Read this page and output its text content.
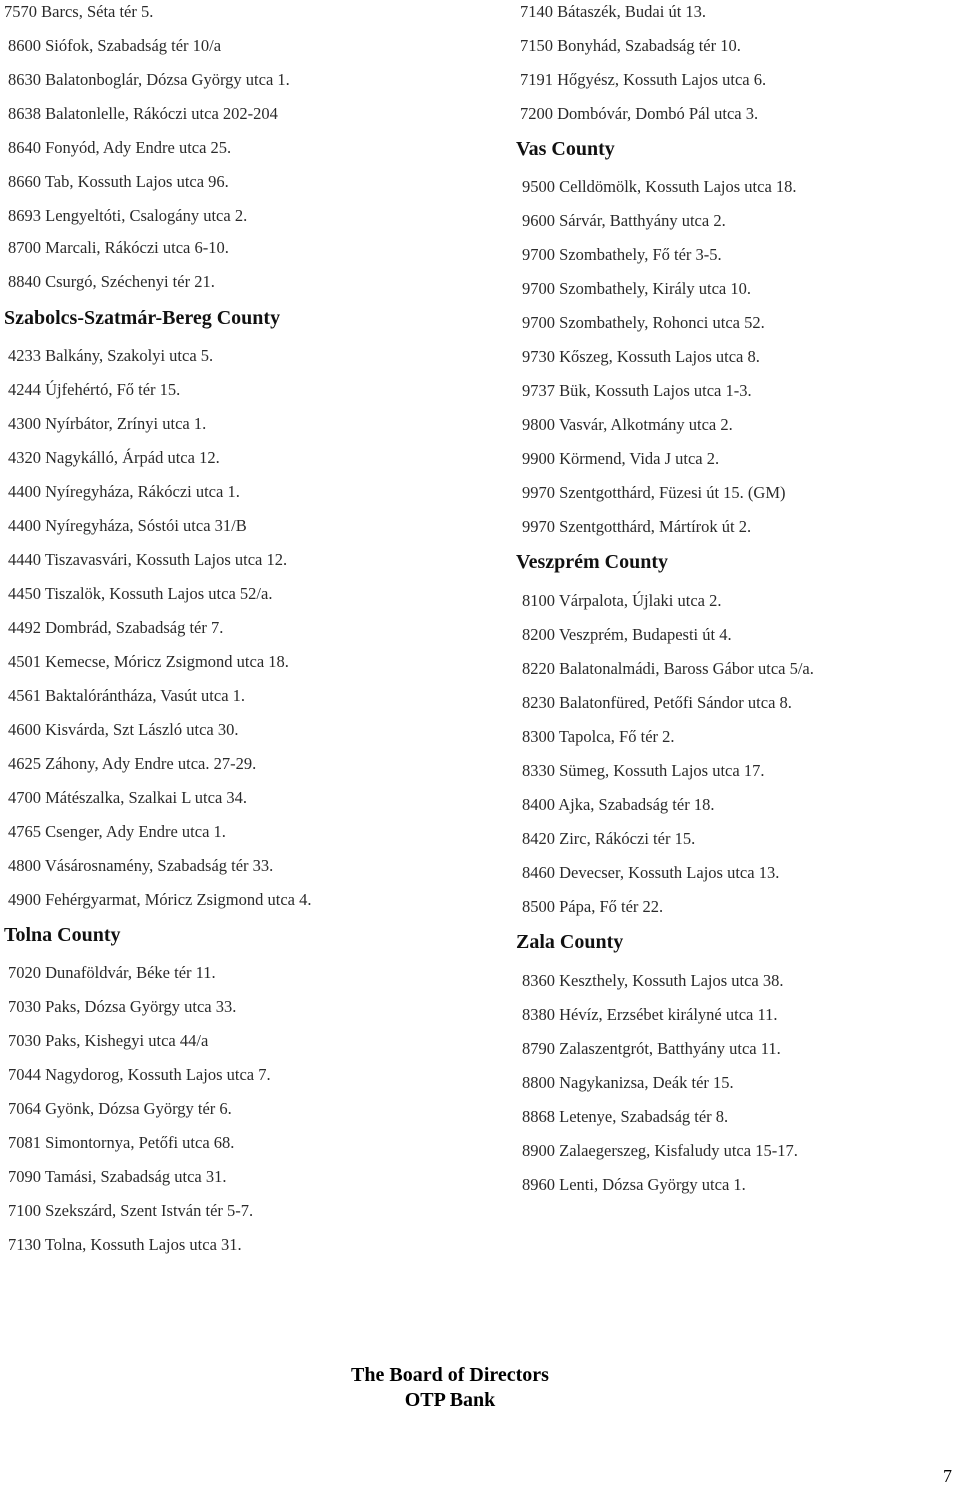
7570 Barcs, Séta tér 5.
8600 Siófok, Szabadság tér 10/a
8630 Balatonboglár, Dózsa György utca 1.
8638 Balatonlelle, Rákóczi utca 202-204
8640 Fonyód, Ady Endre utca 25.
8660 Tab, Kossuth Lajos utca 96.
8693 Lengyeltóti, Csalogány utca 2.
8700 Marcali, Rákóczi utca 6-10.
8840 Csurgó, Széchenyi tér 21.
Szabolcs-Szatmár-Bereg County
4233 Balkány, Szakolyi utca 5.
4244 Újfehértó, Fő tér 15.
4300 Nyírbátor, Zrínyi utca 1.
4320 Nagykálló, Árpád utca 12.
4400 Nyíregyháza, Rákóczi utca 1.
4400 Nyíregyháza, Sóstói utca 31/B
4440 Tiszavasvári, Kossuth Lajos utca 12.
4450 Tiszalök, Kossuth Lajos utca 52/a.
4492 Dombrád, Szabadság tér 7.
4501 Kemecse, Móricz Zsigmond utca 18.
4561 Baktalórántháza, Vasút utca 1.
4600 Kisvárda, Szt László utca 30.
4625 Záhony, Ady Endre utca. 27-29.
4700 Mátészalka, Szalkai L utca 34.
4765 Csenger, Ady Endre utca 1.
4800 Vásárosnamény, Szabadság tér 33.
4900 Fehérgyarmat, Móricz Zsigmond utca 4.
Tolna County
7020 Dunaföldvár, Béke tér 11.
7030 Paks, Dózsa György utca 33.
7030 Paks, Kishegyi utca 44/a
7044 Nagydorog, Kossuth Lajos utca 7.
7064 Gyönk, Dózsa György tér 6.
7081 Simontornya, Petőfi utca 68.
7090 Tamási, Szabadság utca 31.
7100 Szekszárd, Szent István tér 5-7.
7130 Tolna, Kossuth Lajos utca 31.
7140 Bátaszék, Budai út 13.
7150 Bonyhád, Szabadság tér 10.
7191 Hőgyész, Kossuth Lajos utca 6.
7200 Dombóvár, Dombó Pál utca 3.
Vas County
9500 Celldömölk, Kossuth Lajos utca 18.
9600 Sárvár, Batthyány utca 2.
9700 Szombathely, Fő tér 3-5.
9700 Szombathely, Király utca 10.
9700 Szombathely, Rohonci utca 52.
9730 Kőszeg, Kossuth Lajos utca 8.
9737 Bük, Kossuth Lajos utca 1-3.
9800 Vasvár, Alkotmány utca 2.
9900 Körmend, Vida J utca 2.
9970 Szentgotthárd, Füzesi út 15. (GM)
9970 Szentgotthárd, Mártírok út 2.
Veszprém County
8100 Várpalota, Újlaki utca 2.
8200 Veszprém, Budapesti út 4.
8220 Balatonalmádi, Baross Gábor utca 5/a.
8230 Balatonfüred, Petőfi Sándor utca 8.
8300 Tapolca, Fő tér 2.
8330 Sümeg, Kossuth Lajos utca 17.
8400 Ajka, Szabadság tér 18.
8420 Zirc, Rákóczi tér 15.
8460 Devecser, Kossuth Lajos utca 13.
8500 Pápa, Fő tér 22.
Zala County
8360 Keszthely, Kossuth Lajos utca 38.
8380 Hévíz, Erzsébet királyné utca 11.
8790 Zalaszentgrót, Batthyány utca 11.
8800 Nagykanizsa, Deák tér 15.
8868 Letenye, Szabadság tér 8.
8900 Zalaegerszeg, Kisfaludy utca 15-17.
8960 Lenti, Dózsa György utca 1.
The Board of Directors
OTP Bank
7
